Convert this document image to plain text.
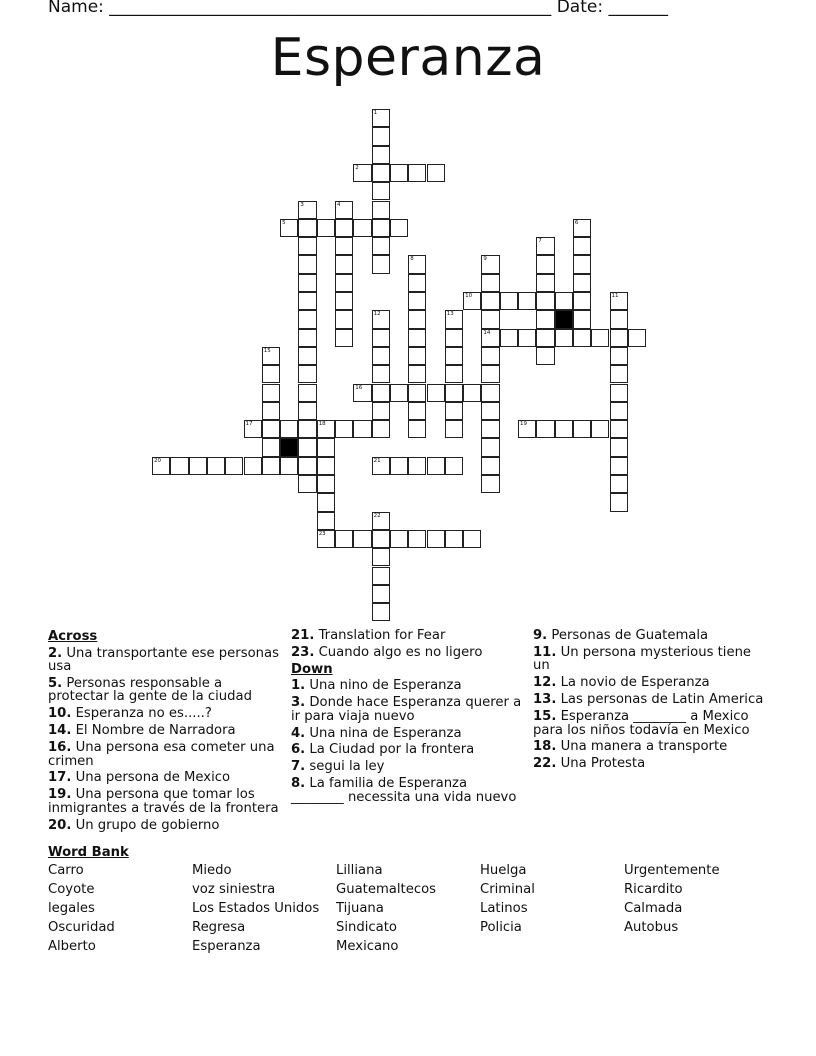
Name: ____________________________________________________ Date: _______
Esperanza
1
2
3	4
5	6
7
8	9
14
10	11
12	13
15
16
17	18
23
19
20	21
22
Across
2. Una transportante ese personas usa
5. Personas responsable a protectar la gente de la ciudad
10. Esperanza no es.....?
14. El Nombre de Narradora
16. Una persona esa cometer una crimen
17. Una persona de Mexico
19. Una persona que tomar los inmigrantes a través de la frontera
20. Un grupo de gobierno
21. Translation for Fear
23. Cuando algo es no ligero
Down
1. Una nino de Esperanza
3. Donde hace Esperanza querer a ir para viaja nuevo
4. Una nina de Esperanza
6. La Ciudad por la frontera
7. segui la ley
8. La familia de Esperanza ________ necessita una vida nuevo
9. Personas de Guatemala
11. Un persona mysterious tiene un
12. La novio de Esperanza
13. Las personas de Latin America
15. Esperanza ________ a Mexico para los niños todavía en Mexico
18. Una manera a transporte
22. Una Protesta
Word Bank
Carro
Coyote
legales
Oscuridad
Alberto
Miedo
voz siniestra
Los Estados Unidos
Regresa
Esperanza
Lilliana
Guatemaltecos
Tijuana
Sindicato
Mexicano
Huelga
Criminal
Latinos
Policia
Urgentemente
Ricardito
Calmada
Autobus
